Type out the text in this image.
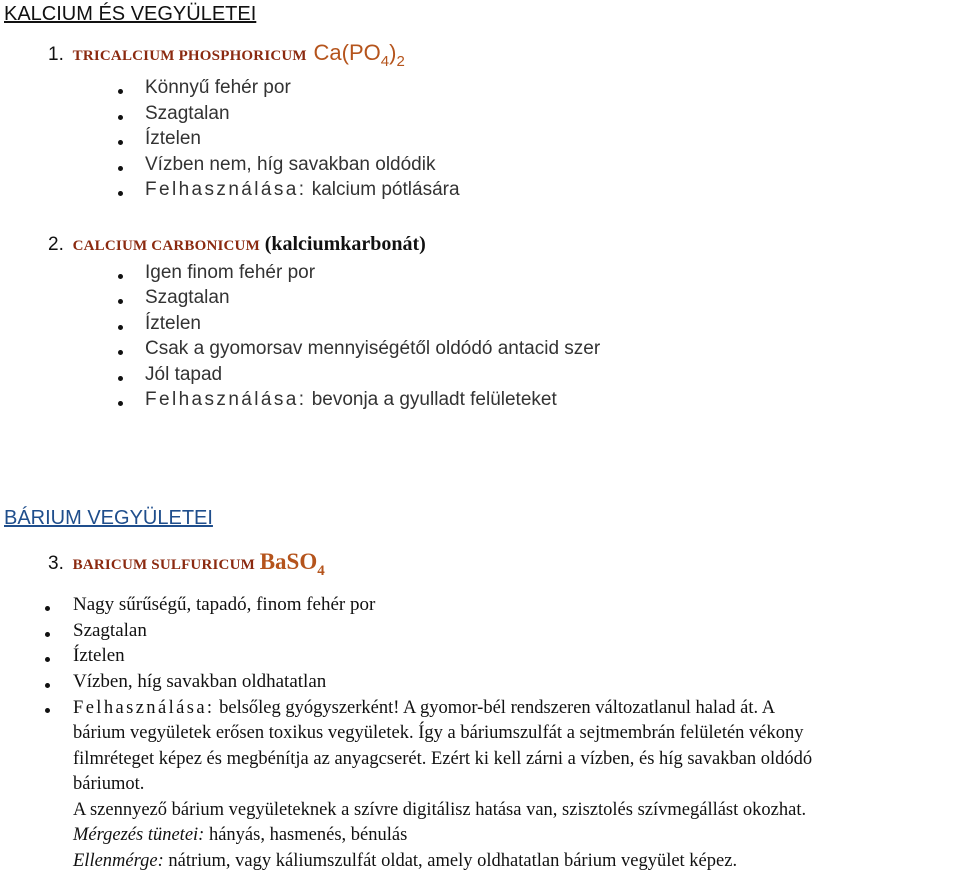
KALCIUM ÉS VEGYÜLETEI
1. TRICALCIUM PHOSPHORICUM $Ca(PO_4)_2$
Könnyű fehér por
Szagtalan
Íztelen
Vízben nem, híg savakban oldódik
Felhasználása: kalcium pótlására
2. CALCIUM CARBONICUM (kalciumkarbonát)
Igen finom fehér por
Szagtalan
Íztelen
Csak a gyomorsav mennyiségétől oldódó antacid szer
Jól tapad
Felhasználása: bevonja a gyulladt felületeket
BÁRIUM VEGYÜLETEI
3. BARICUM SULFURICUM BaSO$_4$
Nagy sűrűségű, tapadó, finom fehér por
Szagtalan
Íztelen
Vízben, híg savakban oldhatatlan
Felhasználása: belsőleg gyógyszerként! A gyomor-bél rendszeren változatlanul halad át. A
bárium vegyületek erősen toxikus vegyületek. Így a báriumszulfát a sejtmembrán felületén vékony
filmréteget képez és megbénítja az anyagcserét. Ezért ki kell zárni a vízben, és híg savakban oldódó
báriumot.
A szennyező bárium vegyületeknek a szívre digitálisz hatása van, szisztolés szívmegállást okozhat.
Mérgezés tünetei: hányás, hasmenés, bénulás
Ellenmérge: nátrium, vagy káliumszulfát oldat, amely oldhatatlan bárium vegyület képez.
